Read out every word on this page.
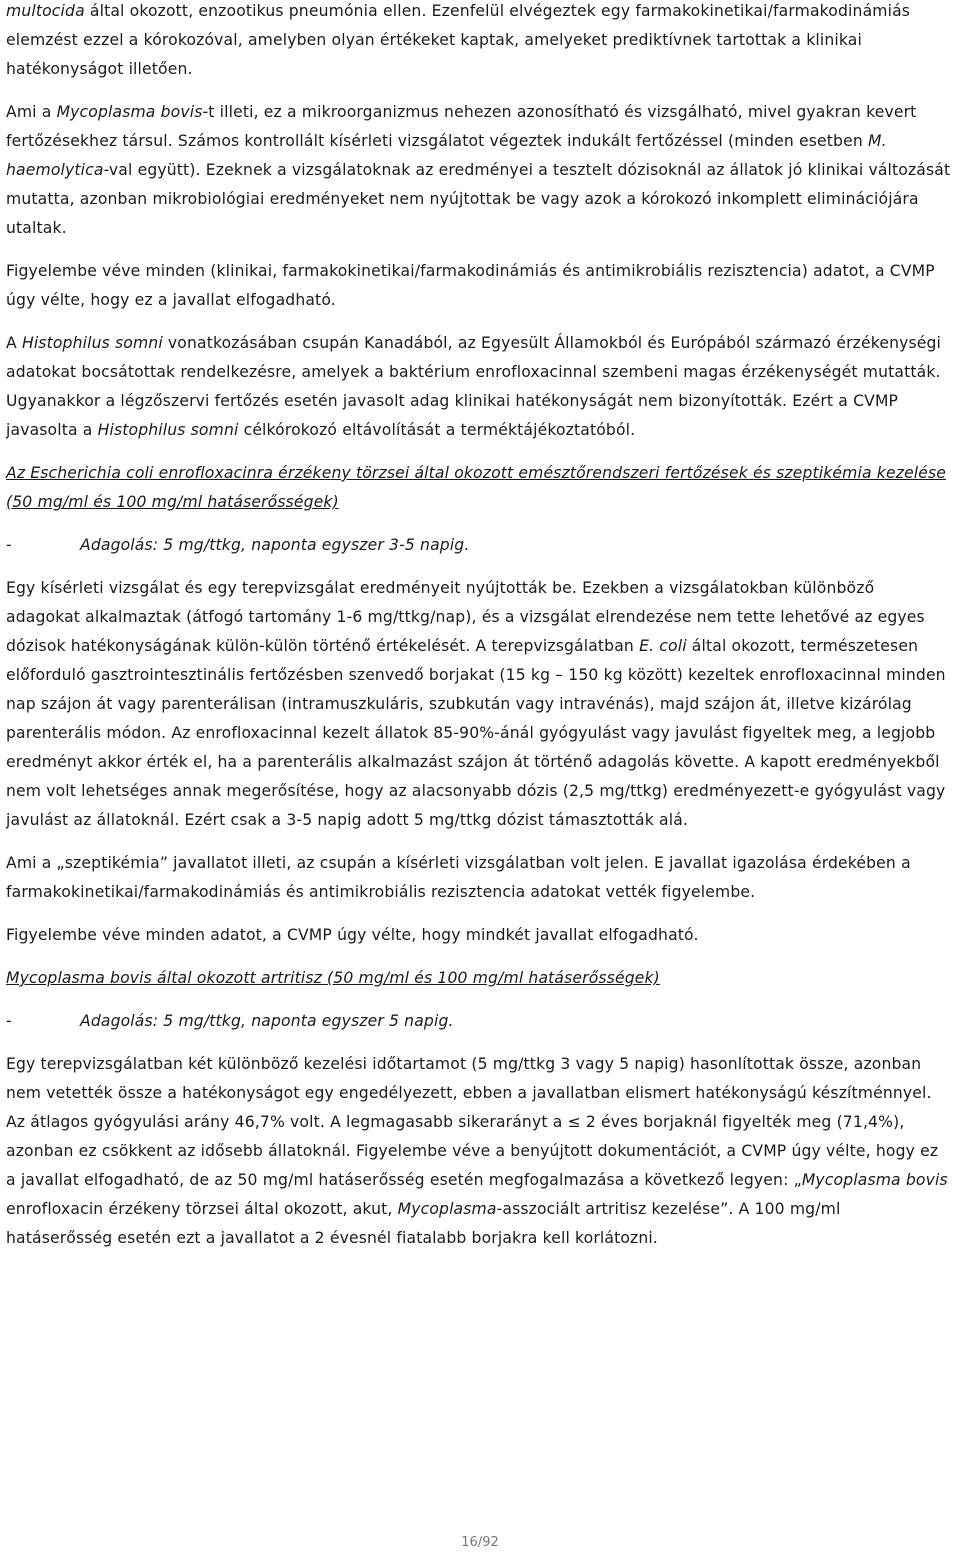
multocida által okozott, enzootikus pneumónia ellen. Ezenfelül elvégeztek egy farmakokinetikai/farmakodinámiás elemzést ezzel a kórokozóval, amelyben olyan értékeket kaptak, amelyeket prediktívnek tartottak a klinikai hatékonyságot illetően.

Ami a Mycoplasma bovis-t illeti, ez a mikroorganizmus nehezen azonosítható és vizsgálható, mivel gyakran kevert fertőzésekhez társul. Számos kontrollált kísérleti vizsgálatot végeztek indukált fertőzéssel (minden esetben M. haemolytica-val együtt). Ezeknek a vizsgálatoknak az eredményei a tesztelt dózisoknál az állatok jó klinikai változását mutatta, azonban mikrobiológiai eredményeket nem nyújtottak be vagy azok a kórokozó inkomplett eliminációjára utaltak.

Figyelembe véve minden (klinikai, farmakokinetikai/farmakodinámiás és antimikrobiális rezisztencia) adatot, a CVMP úgy vélte, hogy ez a javallat elfogadható.

A Histophilus somni vonatkozásában csupán Kanadából, az Egyesült Államokból és Európából származó érzékenységi adatokat bocsátottak rendelkezésre, amelyek a baktérium enrofloxacinnal szembeni magas érzékenységét mutatták. Ugyanakkor a légzőszervi fertőzés esetén javasolt adag klinikai hatékonyságát nem bizonyították. Ezért a CVMP javasolta a Histophilus somni célkórokozó eltávolítását a terméktájékoztatóból.

Az Escherichia coli enrofloxacinra érzékeny törzsei által okozott emésztőrendszeri fertőzések és szeptikémia kezelése (50 mg/ml és 100 mg/ml hatáserősségek)

-	Adagolás: 5 mg/ttkg, naponta egyszer 3-5 napig.

Egy kísérleti vizsgálat és egy terepvizsgálat eredményeit nyújtották be. Ezekben a vizsgálatokban különböző adagokat alkalmaztak (átfogó tartomány 1-6 mg/ttkg/nap), és a vizsgálat elrendezése nem tette lehetővé az egyes dózisok hatékonyságának külön-külön történő értékelését. A terepvizsgálatban E. coli által okozott, természetesen előforduló gasztrointesztinális fertőzésben szenvedő borjakat (15 kg – 150 kg között) kezeltek enrofloxacinnal minden nap szájon át vagy parenterálisan (intramuszkuláris, szubkután vagy intravénás), majd szájon át, illetve kizárólag parenterális módon. Az enrofloxacinnal kezelt állatok 85-90%-ánál gyógyulást vagy javulást figyeltek meg, a legjobb eredményt akkor érték el, ha a parenterális alkalmazást szájon át történő adagolás követte. A kapott eredményekből nem volt lehetséges annak megerősítése, hogy az alacsonyabb dózis (2,5 mg/ttkg) eredményezett-e gyógyulást vagy javulást az állatoknál. Ezért csak a 3-5 napig adott 5 mg/ttkg dózist támasztották alá.

Ami a „szeptikémia” javallatot illeti, az csupán a kísérleti vizsgálatban volt jelen. E javallat igazolása érdekében a farmakokinetikai/farmakodinámiás és antimikrobiális rezisztencia adatokat vették figyelembe.

Figyelembe véve minden adatot, a CVMP úgy vélte, hogy mindkét javallat elfogadható.

Mycoplasma bovis által okozott artritisz (50 mg/ml és 100 mg/ml hatáserősségek)

-	Adagolás: 5 mg/ttkg, naponta egyszer 5 napig.

Egy terepvizsgálatban két különböző kezelési időtartamot (5 mg/ttkg 3 vagy 5 napig) hasonlítottak össze, azonban nem vetették össze a hatékonyságot egy engedélyezett, ebben a javallatban elismert hatékonyságú készítménnyel. Az átlagos gyógyulási arány 46,7% volt. A legmagasabb sikerarányt a ≤ 2 éves borjaknál figyelték meg (71,4%), azonban ez csökkent az idősebb állatoknál. Figyelembe véve a benyújtott dokumentációt, a CVMP úgy vélte, hogy ez a javallat elfogadható, de az 50 mg/ml hatáserősség esetén megfogalmazása a következő legyen: „Mycoplasma bovis enrofloxacin érzékeny törzsei által okozott, akut, Mycoplasma-asszociált artritisz kezelése”. A 100 mg/ml hatáserősség esetén ezt a javallatot a 2 évesnél fiatalabb borjakra kell korlátozni.

16/92
